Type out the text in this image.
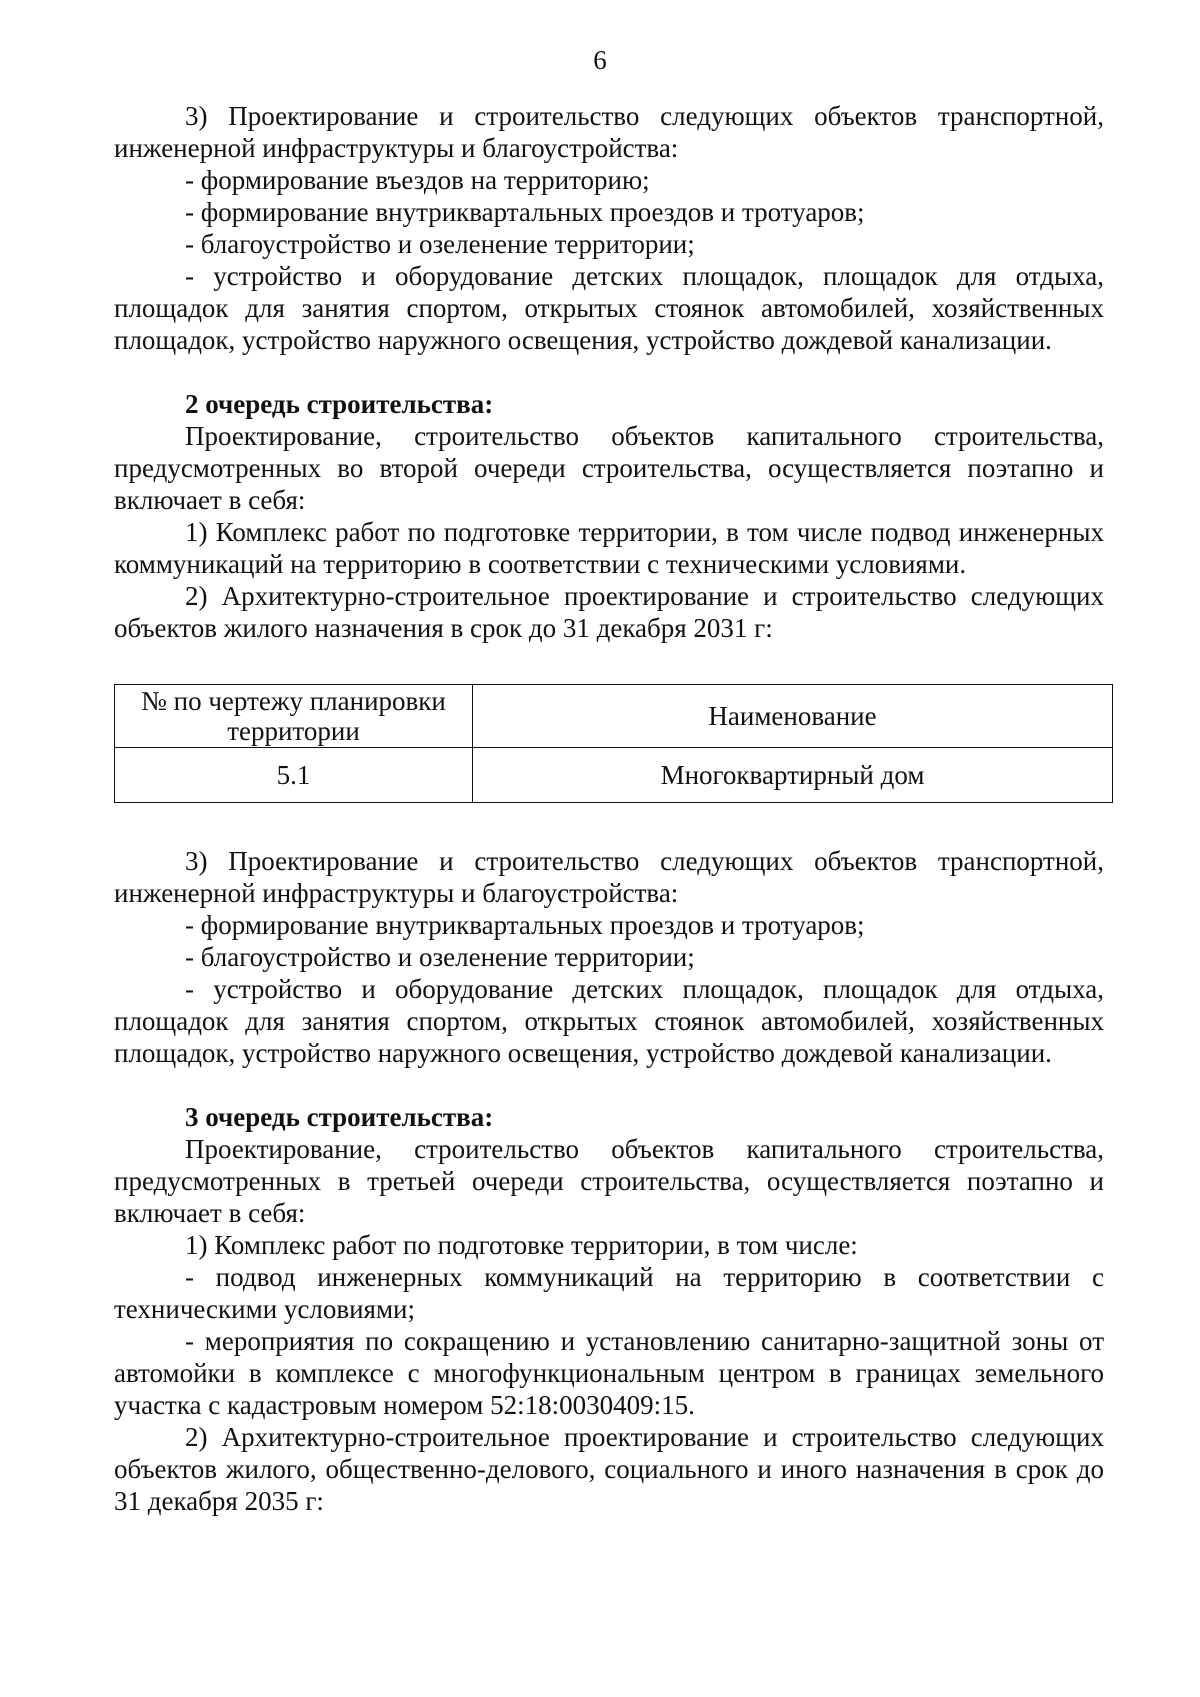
6

3) Проектирование и строительство следующих объектов транспортной,

инженерной инфраструктуры и благоустройства:

- формирование въездов на территорию;

- формирование внутриквартальных проездов и тротуаров;

- благоустройство и озеленение территории;

- устройство и оборудование детских площадок, площадок для отдыха, площадок для занятия спортом, открытых стоянок автомобилей, хозяйственных площадок, устройство наружного освещения, устройство дождевой канализации.

2 очередь строительства:

Проектирование, строительство объектов капитального строительства, предусмотренных во второй очереди строительства, осуществляется поэтапно и включает в себя:

1) Комплекс работ по подготовке территории, в том числе подвод инженерных коммуникаций на территорию в соответствии с техническими условиями.

2) Архитектурно-строительное проектирование и строительство следующих объектов жилого назначения в срок до 31 декабря 2031 г:

№ по чертежу планировки территории	Наименование
5.1	Многоквартирный дом

3) Проектирование и строительство следующих объектов транспортной,

инженерной инфраструктуры и благоустройства:

- формирование внутриквартальных проездов и тротуаров;

- благоустройство и озеленение территории;

- устройство и оборудование детских площадок, площадок для отдыха, площадок для занятия спортом, открытых стоянок автомобилей, хозяйственных площадок, устройство наружного освещения, устройство дождевой канализации.

3 очередь строительства:

Проектирование, строительство объектов капитального строительства, предусмотренных в третьей очереди строительства, осуществляется поэтапно и включает в себя:

1) Комплекс работ по подготовке территории, в том числе:

- подвод инженерных коммуникаций на территорию в соответствии с техническими условиями;

- мероприятия по сокращению и установлению санитарно-защитной зоны от автомойки в комплексе с многофункциональным центром в границах земельного участка с кадастровым номером 52:18:0030409:15.

2) Архитектурно-строительное проектирование и строительство следующих объектов жилого, общественно-делового, социального и иного назначения в срок до 31 декабря 2035 г:
